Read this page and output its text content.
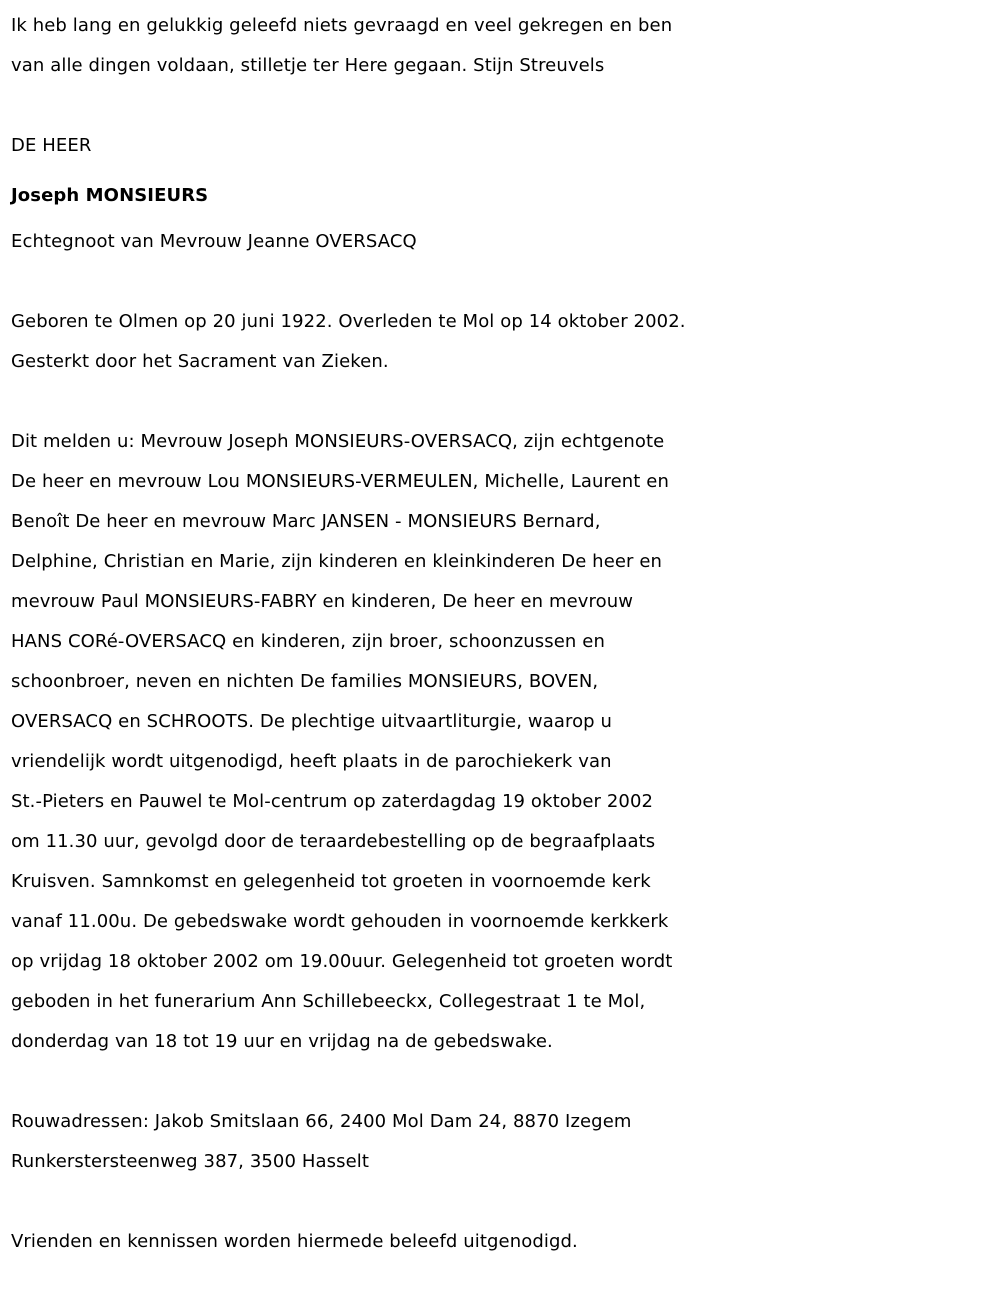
Ik heb lang en gelukkig geleefd niets gevraagd en veel gekregen en ben
van alle dingen voldaan, stilletje ter Here gegaan. Stijn Streuvels
DE HEER
Joseph MONSIEURS
Echtegnoot van Mevrouw Jeanne OVERSACQ
Geboren te Olmen op 20 juni 1922. Overleden te Mol op 14 oktober 2002.
Gesterkt door het Sacrament van Zieken.
Dit melden u: Mevrouw Joseph MONSIEURS-OVERSACQ, zijn echtgenote
De heer en mevrouw Lou MONSIEURS-VERMEULEN, Michelle, Laurent en
Benoît De heer en mevrouw Marc JANSEN - MONSIEURS Bernard,
Delphine, Christian en Marie, zijn kinderen en kleinkinderen De heer en
mevrouw Paul MONSIEURS-FABRY en kinderen, De heer en mevrouw
HANS CORé-OVERSACQ en kinderen, zijn broer, schoonzussen en
schoonbroer, neven en nichten De families MONSIEURS, BOVEN,
OVERSACQ en SCHROOTS. De plechtige uitvaartliturgie, waarop u
vriendelijk wordt uitgenodigd, heeft plaats in de parochiekerk van
St.-Pieters en Pauwel te Mol-centrum op zaterdagdag 19 oktober 2002
om 11.30 uur, gevolgd door de teraardebestelling op de begraafplaats
Kruisven. Samnkomst en gelegenheid tot groeten in voornoemde kerk
vanaf 11.00u. De gebedswake wordt gehouden in voornoemde kerkkerk
op vrijdag 18 oktober 2002 om 19.00uur. Gelegenheid tot groeten wordt
geboden in het funerarium Ann Schillebeeckx, Collegestraat 1 te Mol,
donderdag van 18 tot 19 uur en vrijdag na de gebedswake.
Rouwadressen: Jakob Smitslaan 66, 2400 Mol Dam 24, 8870 Izegem
Runkerstersteenweg 387, 3500 Hasselt
Vrienden en kennissen worden hiermede beleefd uitgenodigd.
